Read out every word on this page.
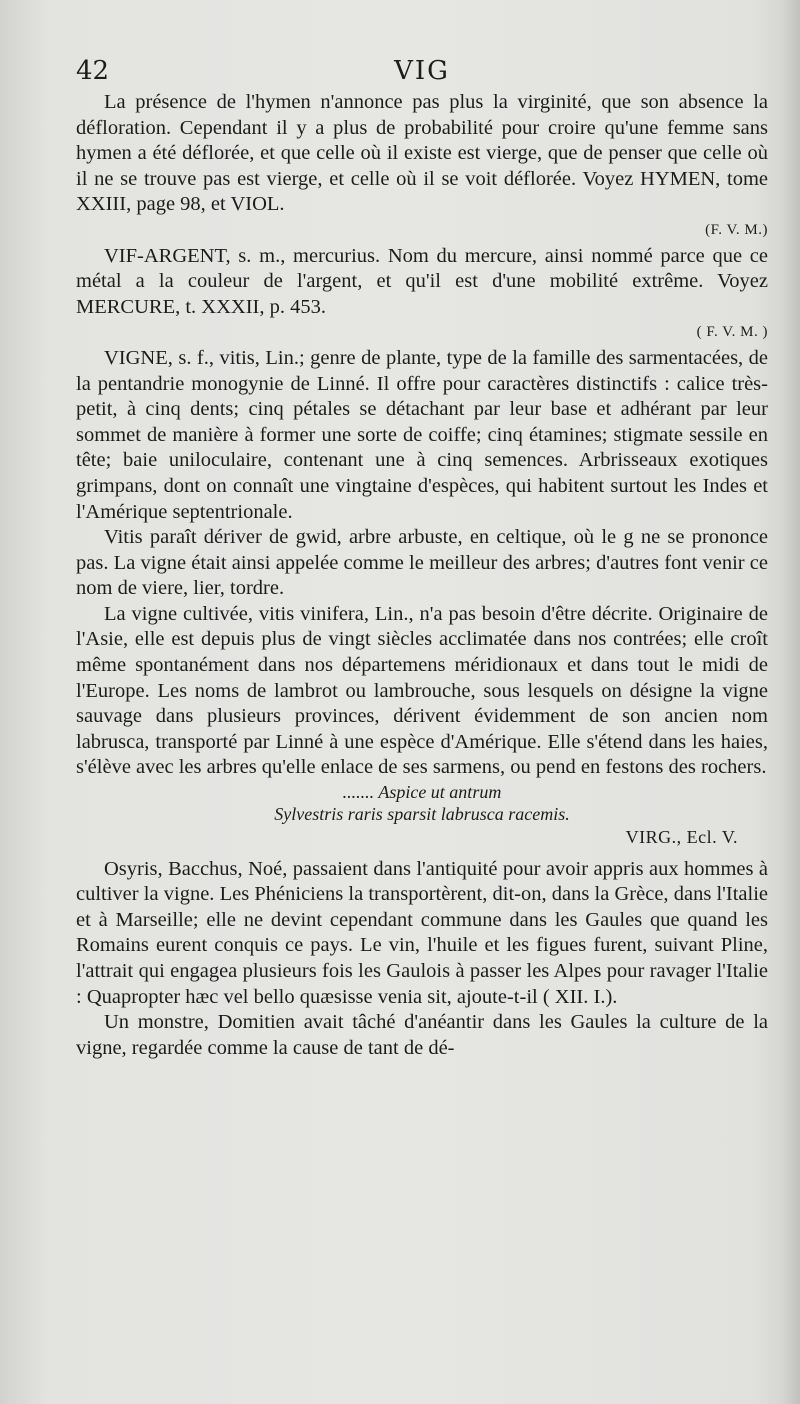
42	VIG

La présence de l'hymen n'annonce pas plus la virginité, que son absence la défloration. Cependant il y a plus de probabilité pour croire qu'une femme sans hymen a été déflorée, et que celle où il existe est vierge, que de penser que celle où il ne se trouve pas est vierge, et celle où il se voit déflorée. Voyez HYMEN, tome XXIII, page 98, et VIOL.

(F. V. M.)

VIF-ARGENT, s. m., mercurius. Nom du mercure, ainsi nommé parce que ce métal a la couleur de l'argent, et qu'il est d'une mobilité extrême. Voyez MERCURE, t. XXXII, p. 453.

( F. V. M. )

VIGNE, s. f., vitis, Lin.; genre de plante, type de la famille des sarmentacées, de la pentandrie monogynie de Linné. Il offre pour caractères distinctifs : calice très-petit, à cinq dents; cinq pétales se détachant par leur base et adhérant par leur sommet de manière à former une sorte de coiffe; cinq étamines; stigmate sessile en tête; baie uniloculaire, contenant une à cinq semences. Arbrisseaux exotiques grimpans, dont on connaît une vingtaine d'espèces, qui habitent surtout les Indes et l'Amérique septentrionale.

Vitis paraît dériver de gwid, arbre arbuste, en celtique, où le g ne se prononce pas. La vigne était ainsi appelée comme le meilleur des arbres; d'autres font venir ce nom de viere, lier, tordre.

La vigne cultivée, vitis vinifera, Lin., n'a pas besoin d'être décrite. Originaire de l'Asie, elle est depuis plus de vingt siècles acclimatée dans nos contrées; elle croît même spontanément dans nos départemens méridionaux et dans tout le midi de l'Europe. Les noms de lambrot ou lambrouche, sous lesquels on désigne la vigne sauvage dans plusieurs provinces, dérivent évidemment de son ancien nom labrusca, transporté par Linné à une espèce d'Amérique. Elle s'étend dans les haies, s'élève avec les arbres qu'elle enlace de ses sarmens, ou pend en festons des rochers.

....... Aspice ut antrum
Sylvestris raris sparsit labrusca racemis.
VIRG., Ecl. V.

Osyris, Bacchus, Noé, passaient dans l'antiquité pour avoir appris aux hommes à cultiver la vigne. Les Phéniciens la transportèrent, dit-on, dans la Grèce, dans l'Italie et à Marseille; elle ne devint cependant commune dans les Gaules que quand les Romains eurent conquis ce pays. Le vin, l'huile et les figues furent, suivant Pline, l'attrait qui engagea plusieurs fois les Gaulois à passer les Alpes pour ravager l'Italie : Quapropter hæc vel bello quæsisse venia sit, ajoute-t-il ( XII. I.).

Un monstre, Domitien avait tâché d'anéantir dans les Gaules la culture de la vigne, regardée comme la cause de tant de dé-
